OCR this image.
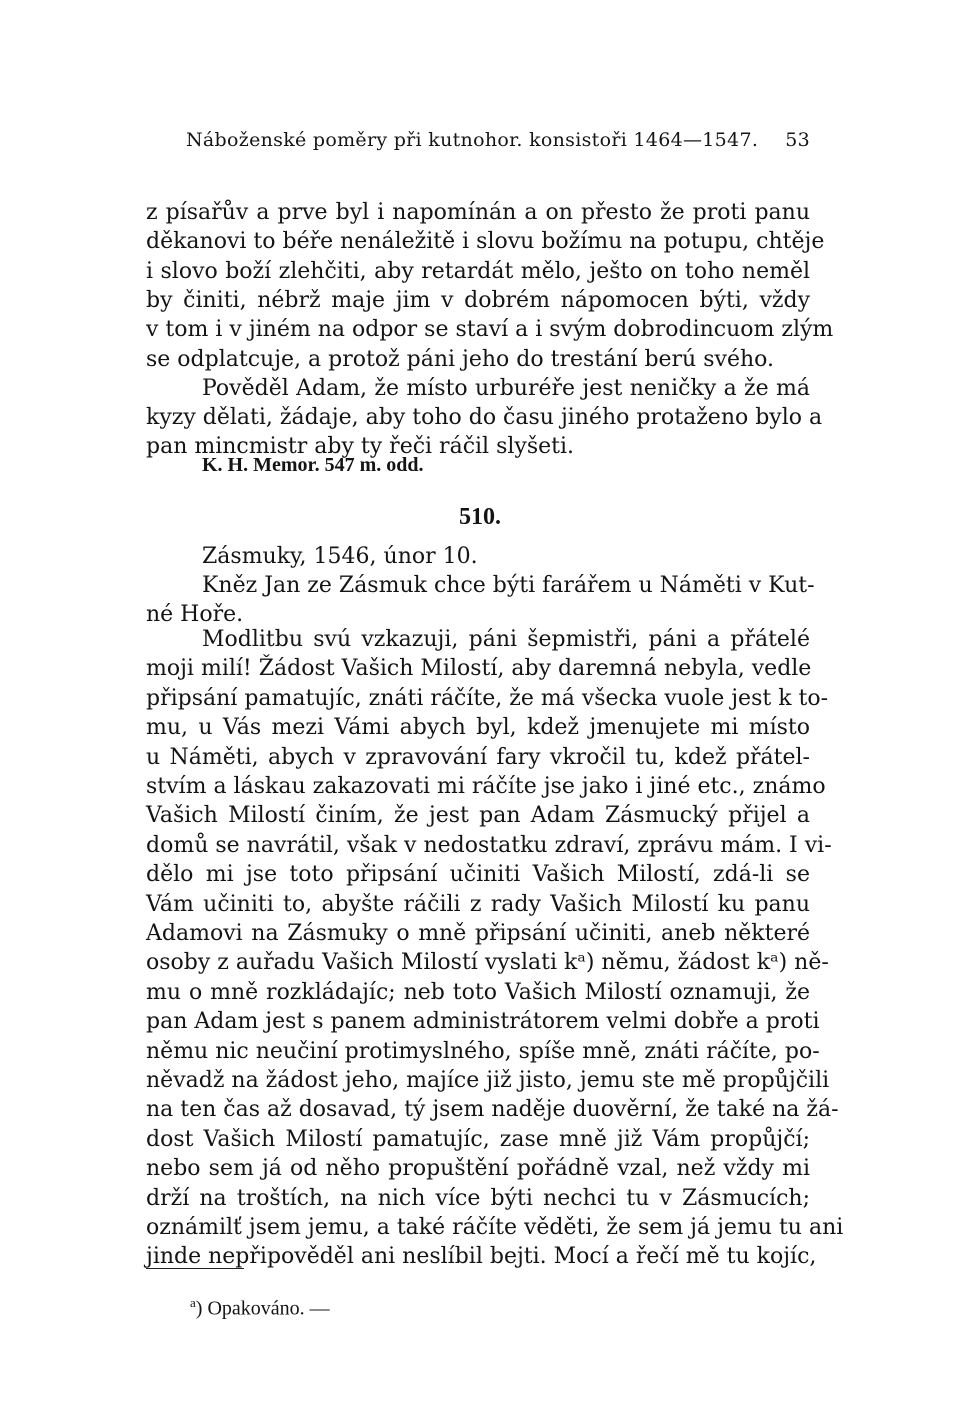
Náboženské poměry při kutnohor. konsistoři 1464—1547. 53
z písařův a prve byl i napomínán a on přesto že proti panu
děkanovi to béře nenáležitě i slovu božímu na potupu, chtěje
i slovo boží zlehčiti, aby retardát mělo, ješto on toho neměl
by činiti, nébrž maje jim v dobrém nápomocen býti, vždy
v tom i v jiném na odpor se staví a i svým dobrodincuom zlým
se odplatcuje, a protož páni jeho do trestání berú svého.
Pověděl Adam, že místo urburéře jest neničky a že má
kyzy dělati, žádaje, aby toho do času jiného protaženo bylo a
pan mincmistr aby ty řeči ráčil slyšeti.
K. H. Memor. 547 m. odd.
510.
Zásmuky, 1546, únor 10.
Kněz Jan ze Zásmuk chce býti farářem u Náměti v Kut-
né Hoře.
Modlitbu svú vzkazuji, páni šepmistři, páni a přátelé
moji milí! Žádost Vašich Milostí, aby daremná nebyla, vedle
připsání pamatujíc, znáti ráčíte, že má všecka vuole jest k to-
mu, u Vás mezi Vámi abych byl, kdež jmenujete mi místo
u Náměti, abych v zpravování fary vkročil tu, kdež přátel-
stvím a láskau zakazovati mi ráčíte jse jako i jiné etc., známo
Vašich Milostí činím, že jest pan Adam Zásmucký přijel a
domů se navrátil, však v nedostatku zdraví, zprávu mám. I vi-
dělo mi jse toto připsání učiniti Vašich Milostí, zdá-li se
Vám učiniti to, abyšte ráčili z rady Vašich Milostí ku panu
Adamovi na Zásmuky o mně připsání učiniti, aneb některé
osoby z auřadu Vašich Milostí vyslati kᵃ) němu, žádost kᵃ) ně-
mu o mně rozkládajíc; neb toto Vašich Milostí oznamuji, že
pan Adam jest s panem administrátorem velmi dobře a proti
němu nic neučiní protimyslného, spíše mně, znáti ráčíte, po-
něvadž na žádost jeho, majíce již jisto, jemu ste mě propůjčili
na ten čas až dosavad, tý jsem naděje duověrní, že také na žá-
dost Vašich Milostí pamatujíc, zase mně již Vám propůjčí;
nebo sem já od něho propuštění pořádně vzal, než vždy mi
drží na troštích, na nich více býti nechci tu v Zásmucích;
oznámilť jsem jemu, a také ráčíte věděti, že sem já jemu tu ani
jinde nepřipověděl ani neslíbil bejti. Mocí a řečí mě tu kojíc,
$^a$) Opakováno. —
